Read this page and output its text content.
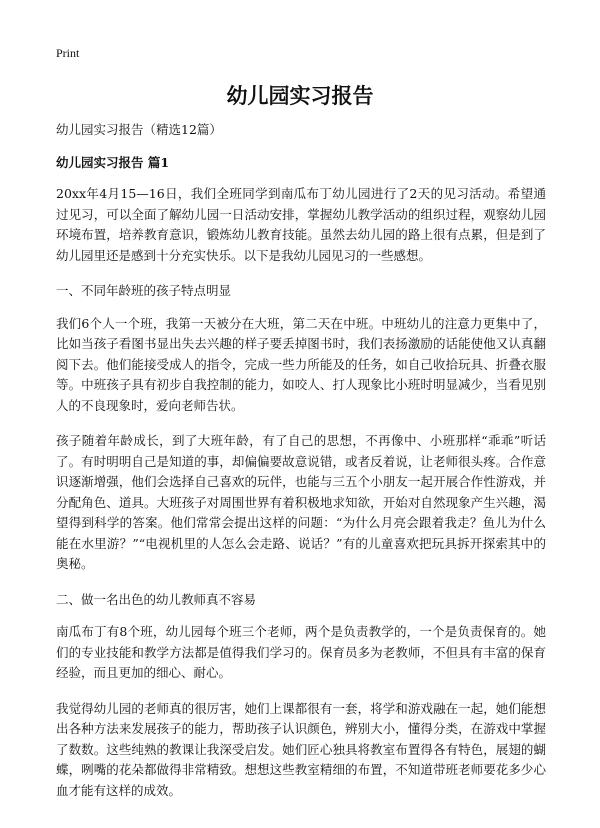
Print
幼儿园实习报告

幼儿园实习报告（精选12篇）

幼儿园实习报告 篇1

20xx年4月15—16日，我们全班同学到南瓜布丁幼儿园进行了2天的见习活动。希望通过见习，可以全面了解幼儿园一日活动安排，掌握幼儿教学活动的组织过程，观察幼儿园环境布置，培养教育意识，锻炼幼儿教育技能。虽然去幼儿园的路上很有点累，但是到了幼儿园里还是感到十分充实快乐。以下是我幼儿园见习的一些感想。

一、不同年龄班的孩子特点明显

我们6个人一个班，我第一天被分在大班，第二天在中班。中班幼儿的注意力更集中了，比如当孩子看图书显出失去兴趣的样子要丢掉图书时，我们表扬激励的话能使他又认真翻阅下去。他们能接受成人的指令，完成一些力所能及的任务，如自己收拾玩具、折叠衣服等。中班孩子具有初步自我控制的能力，如咬人、打人现象比小班时明显减少，当看见别人的不良现象时，爱向老师告状。

孩子随着年龄成长，到了大班年龄，有了自己的思想，不再像中、小班那样“乖乖”听话了。有时明明自己是知道的事，却偏偏要故意说错，或者反着说，让老师很头疼。合作意识逐渐增强，他们会选择自己喜欢的玩伴，也能与三五个小朋友一起开展合作性游戏，并分配角色、道具。大班孩子对周围世界有着积极地求知欲，开始对自然现象产生兴趣，渴望得到科学的答案。他们常常会提出这样的问题：“为什么月亮会跟着我走？鱼儿为什么能在水里游？”“电视机里的人怎么会走路、说话？”有的儿童喜欢把玩具拆开探索其中的奥秘。

二、做一名出色的幼儿教师真不容易

南瓜布丁有8个班，幼儿园每个班三个老师，两个是负责教学的，一个是负责保育的。她们的专业技能和教学方法都是值得我们学习的。保育员多为老教师，不但具有丰富的保育经验，而且更加的细心、耐心。

我觉得幼儿园的老师真的很厉害，她们上课都很有一套，将学和游戏融在一起，她们能想出各种方法来发展孩子的能力，帮助孩子认识颜色，辨别大小，懂得分类，在游戏中掌握了数数。这些纯熟的教课让我深受启发。她们匠心独具将教室布置得各有特色，展翅的蝴蝶，咧嘴的花朵都做得非常精致。想想这些教室精细的布置，不知道带班老师要花多少心血才能有这样的成效。
